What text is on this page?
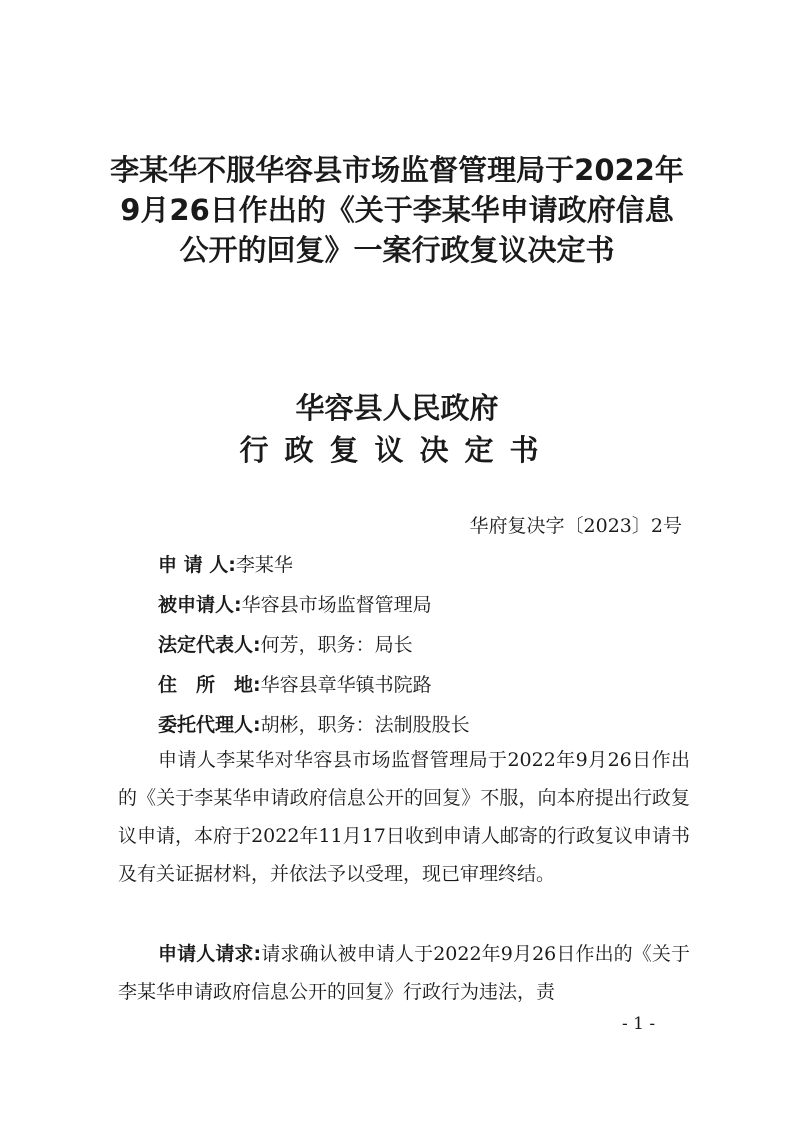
李某华不服华容县市场监督管理局于2022年
9月26日作出的《关于李某华申请政府信息
公开的回复》一案行政复议决定书
华容县人民政府
行政复议决定书
华府复决字〔2023〕2号
申 请 人:李某华
被申请人:华容县市场监督管理局
法定代表人:何芳，职务：局长
住　所　地:华容县章华镇书院路
委托代理人:胡彬，职务：法制股股长

申请人李某华对华容县市场监督管理局于2022年9月26日作出的《关于李某华申请政府信息公开的回复》不服，向本府提出行政复议申请，本府于2022年11月17日收到申请人邮寄的行政复议申请书及有关证据材料，并依法予以受理，现已审理终结。

申请人请求:请求确认被申请人于2022年9月26日作出的《关于李某华申请政府信息公开的回复》行政行为违法，责

- 1 -
